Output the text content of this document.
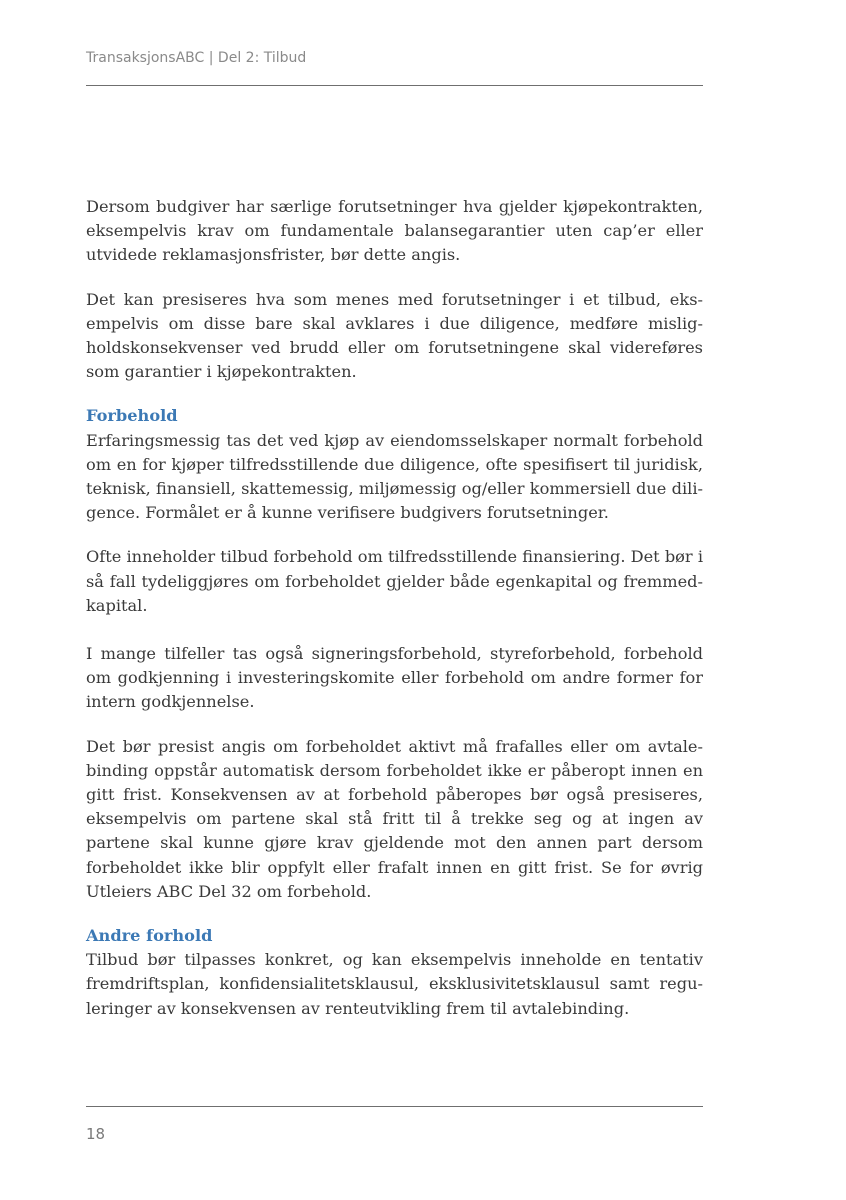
TransaksjonsABC | Del 2: Tilbud

Dersom budgiver har særlige forutsetninger hva gjelder kjøpekontrakten, eksempelvis krav om fundamentale balansegarantier uten cap’er eller utvidede reklamasjonsfrister, bør dette angis.

Det kan presiseres hva som menes med forutsetninger i et tilbud, eksempelvis om disse bare skal avklares i due diligence, medføre misligholdskonsekvenser ved brudd eller om forutsetningene skal videreføres som garantier i kjøpekontrakten.

Forbehold
Erfaringsmessig tas det ved kjøp av eiendomsselskaper normalt forbehold om en for kjøper tilfredsstillende due diligence, ofte spesifisert til juridisk, teknisk, finansiell, skattemessig, miljømessig og/eller kommersiell due diligence. Formålet er å kunne verifisere budgivers forutsetninger.

Ofte inneholder tilbud forbehold om tilfredsstillende finansiering. Det bør i så fall tydeliggjøres om forbeholdet gjelder både egenkapital og fremmedkapital.

I mange tilfeller tas også signeringsforbehold, styreforbehold, forbehold om godkjenning i investeringskomite eller forbehold om andre former for intern godkjennelse.

Det bør presist angis om forbeholdet aktivt må frafalles eller om avtalebinding oppstår automatisk dersom forbeholdet ikke er påberopt innen en gitt frist. Konsekvensen av at forbehold påberopes bør også presiseres, eksempelvis om partene skal stå fritt til å trekke seg og at ingen av partene skal kunne gjøre krav gjeldende mot den annen part dersom forbeholdet ikke blir oppfylt eller frafalt innen en gitt frist. Se for øvrig Utleiers ABC Del 32 om forbehold.

Andre forhold
Tilbud bør tilpasses konkret, og kan eksempelvis inneholde en tentativ fremdriftsplan, konfidensialitetsklausul, eksklusivitetsklausul samt reguleringer av konsekvensen av renteutvikling frem til avtalebinding.

18
